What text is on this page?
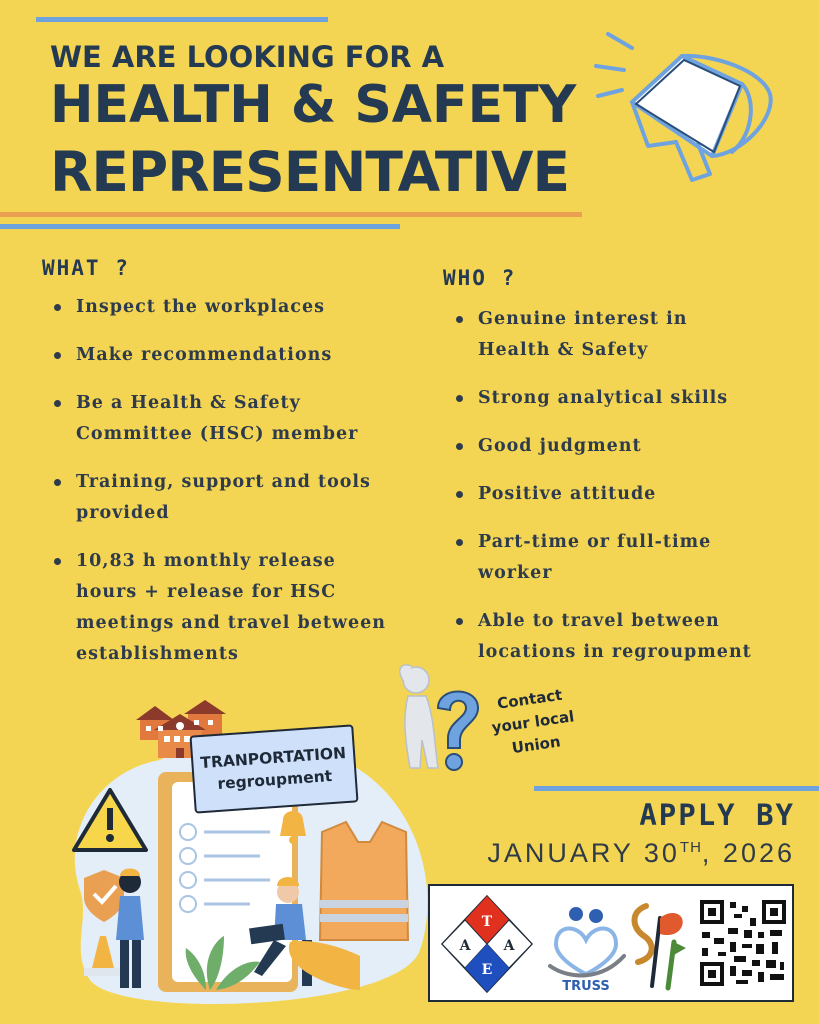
WE ARE LOOKING FOR A
HEALTH & SAFETY
REPRESENTATIVE
WHAT ?
Inspect the workplaces
Make recommendations
Be a Health & Safety Committee (HSC) member
Training, support and tools provided
10,83 h monthly release hours + release for HSC meetings and travel between establishments
WHO ?
Genuine interest in Health & Safety
Strong analytical skills
Good judgment
Positive attitude
Part-time or full-time worker
Able to travel between locations in regroupment
TRANPORTATION
regroupment
Contact
your local
Union
APPLY BY
JANUARY 30TH, 2026
T
A A
E
TRUSS
